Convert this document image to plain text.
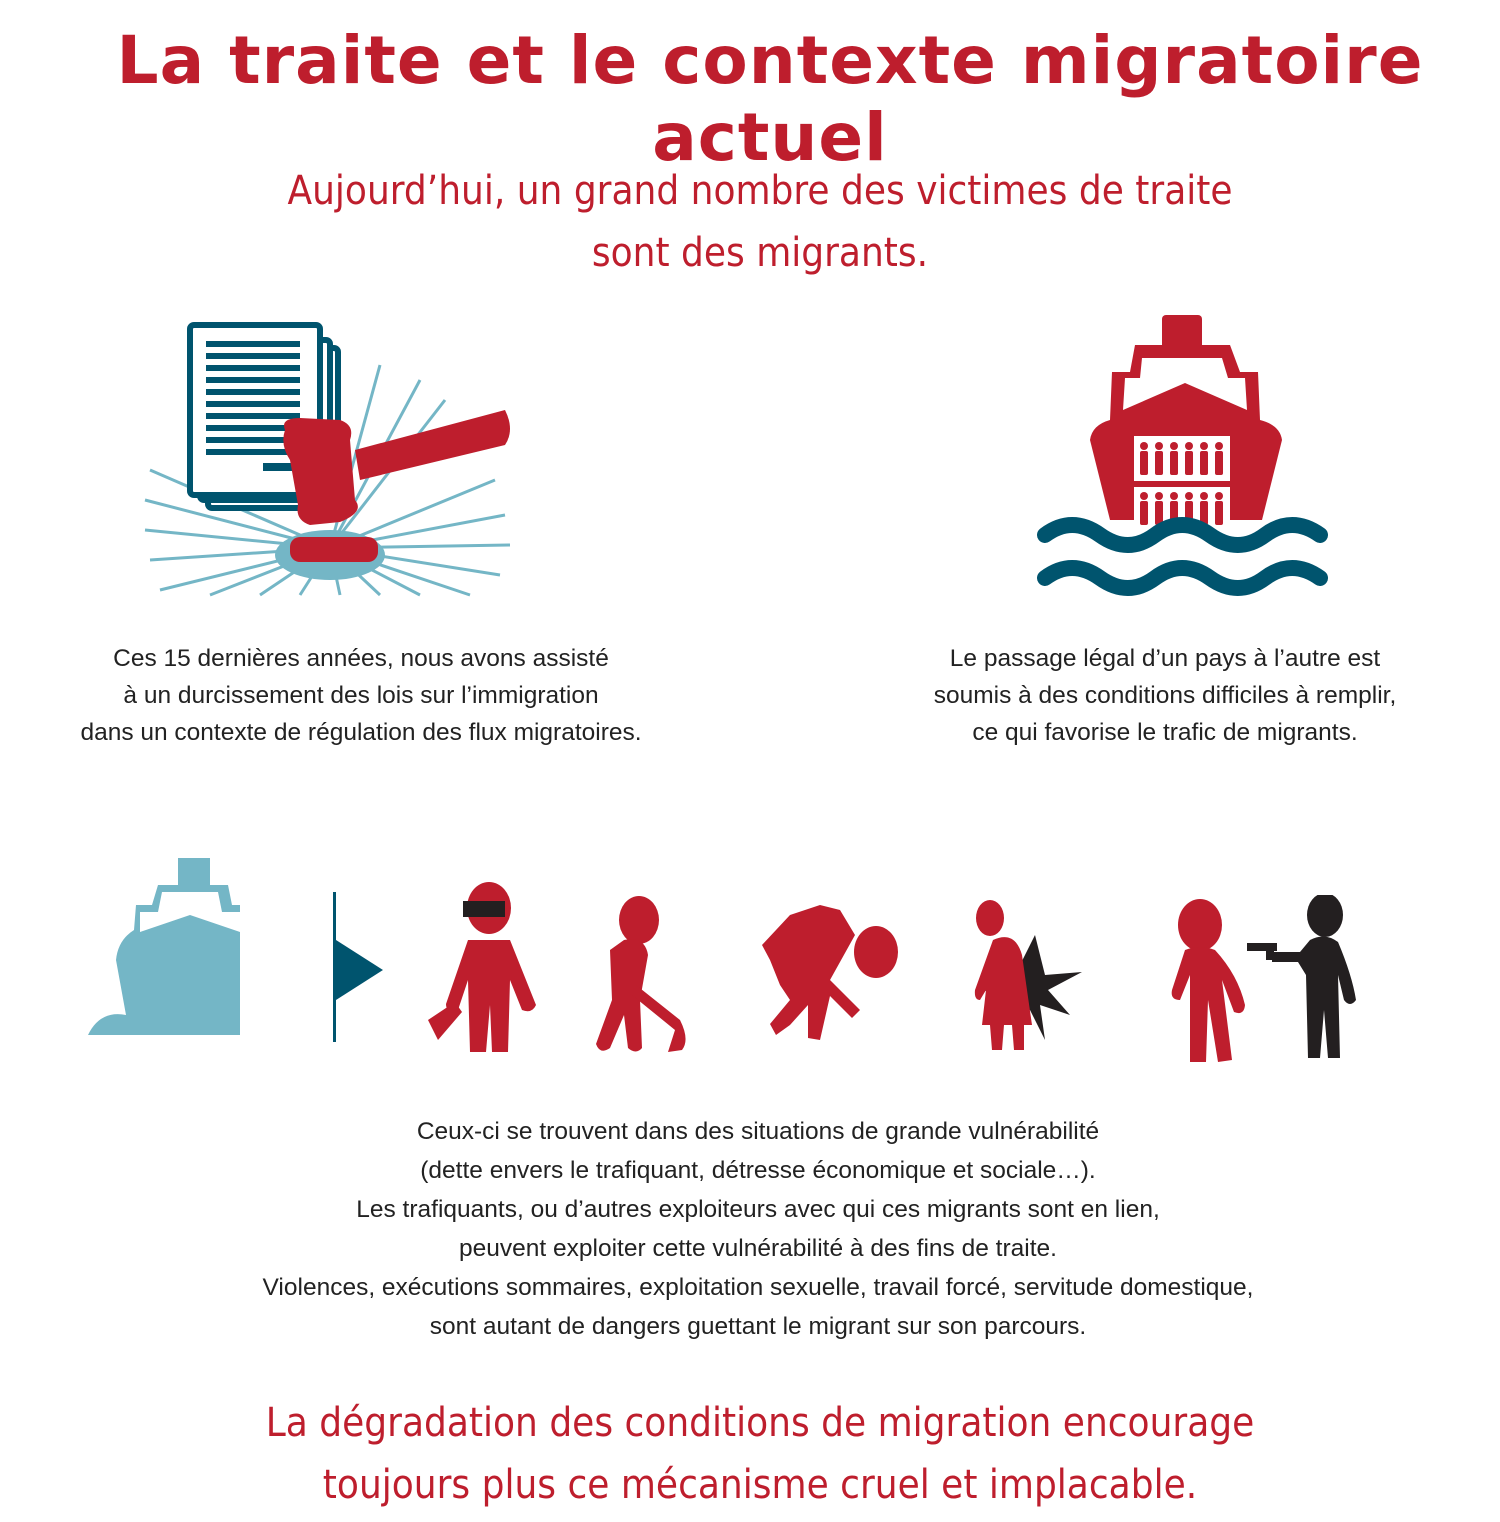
La traite et le contexte migratoire actuel
Aujourd’hui, un grand nombre des victimes de traite
sont des migrants.
Ces 15 dernières années, nous avons assisté
à un durcissement des lois sur l’immigration
dans un contexte de régulation des flux migratoires.
Le passage légal d’un pays à l’autre est
soumis à des conditions difficiles à remplir,
ce qui favorise le trafic de migrants.
Ceux-ci se trouvent dans des situations de grande vulnérabilité
(dette envers le trafiquant, détresse économique et sociale…).
Les trafiquants, ou d’autres exploiteurs avec qui ces migrants sont en lien,
peuvent exploiter cette vulnérabilité à des fins de traite.
Violences, exécutions sommaires, exploitation sexuelle, travail forcé, servitude domestique,
sont autant de dangers guettant le migrant sur son parcours.
La dégradation des conditions de migration encourage
toujours plus ce mécanisme cruel et implacable.
